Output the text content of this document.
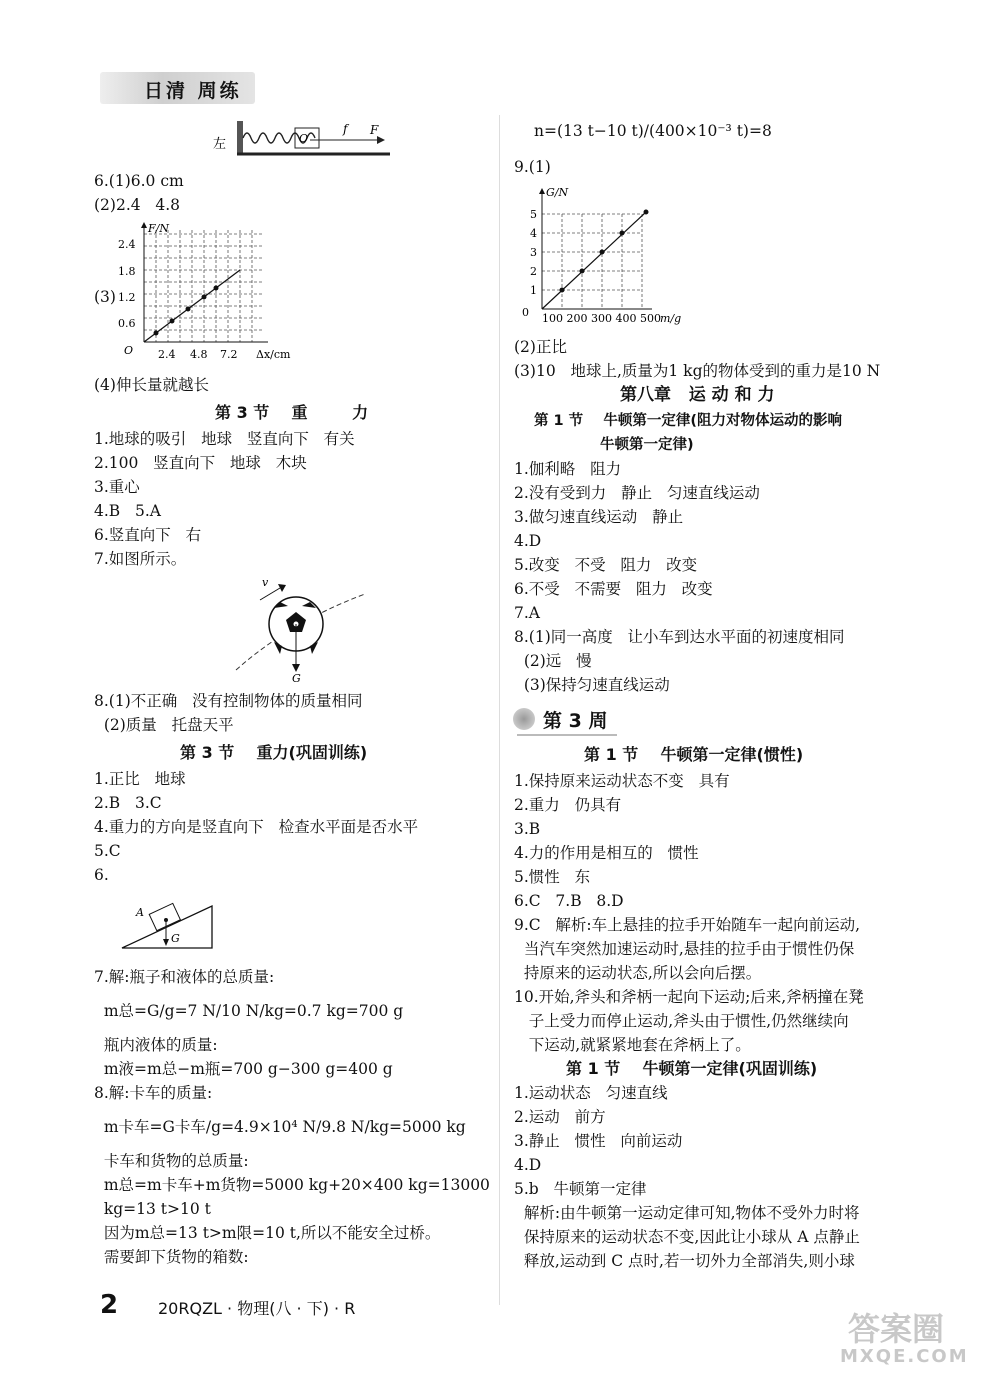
日清 周练
左	O
f F
6.(1)6.0 cm
(2)2.4   4.8
(3)
F/N
2.4
1.8
1.2
0.6
O 2.4 4.8 7.2 Δx/cm
(4)伸长量就越长
第 3 节    重        力
1.地球的吸引   地球   竖直向下   有关
2.100   竖直向下   地球   木块
3.重心
4.B   5.A
6.竖直向下   右
7.如图所示。
v
G
8.(1)不正确   没有控制物体的质量相同
(2)质量   托盘天平
第 3 节    重力(巩固训练)
1.正比   地球
2.B   3.C
4.重力的方向是竖直向下   检查水平面是否水平
5.C
6.
A
G
7.解:瓶子和液体的总质量:
m总=G/g=7 N/10 N/kg=0.7 kg=700 g
瓶内液体的质量:
m液=m总−m瓶=700 g−300 g=400 g
8.解:卡车的质量:
m卡车=G卡车/g=4.9×10⁴ N/9.8 N/kg=5000 kg
卡车和货物的总质量:
m总=m卡车+m货物=5000 kg+20×400 kg=13000
kg=13 t>10 t
因为m总=13 t>m限=10 t,所以不能安全过桥。
需要卸下货物的箱数:
n=(13 t−10 t)/(400×10⁻³ t)=8
9.(1)
G/N
5
4
3
2
1
0 100 200 300 400 500 m/g
(2)正比
(3)10   地球上,质量为1 kg的物体受到的重力是10 N
第八章   运 动 和 力
第 1 节    牛顿第一定律(阻力对物体运动的影响
牛顿第一定律)
1.伽利略   阻力
2.没有受到力   静止   匀速直线运动
3.做匀速直线运动   静止
4.D
5.改变   不受   阻力   改变
6.不受   不需要   阻力   改变
7.A
8.(1)同一高度   让小车到达水平面的初速度相同
(2)远   慢
(3)保持匀速直线运动
第 3 周
第 1 节    牛顿第一定律(惯性)
1.保持原来运动状态不变   具有
2.重力   仍具有
3.B
4.力的作用是相互的   惯性
5.惯性   东
6.C   7.B   8.D
9.C   解析:车上悬挂的拉手开始随车一起向前运动,
当汽车突然加速运动时,悬挂的拉手由于惯性仍保
持原来的运动状态,所以会向后摆。
10.开始,斧头和斧柄一起向下运动;后来,斧柄撞在凳
子上受力而停止运动,斧头由于惯性,仍然继续向
下运动,就紧紧地套在斧柄上了。
第 1 节    牛顿第一定律(巩固训练)
1.运动状态   匀速直线
2.运动   前方
3.静止   惯性   向前运动
4.D
5.b   牛顿第一定律
解析:由牛顿第一运动定律可知,物体不受外力时将
保持原来的运动状态不变,因此让小球从 A 点静止
释放,运动到 C 点时,若一切外力全部消失,则小球
2 20RQZL · 物理(八 · 下) · R
答案圈
MXQE.COM
